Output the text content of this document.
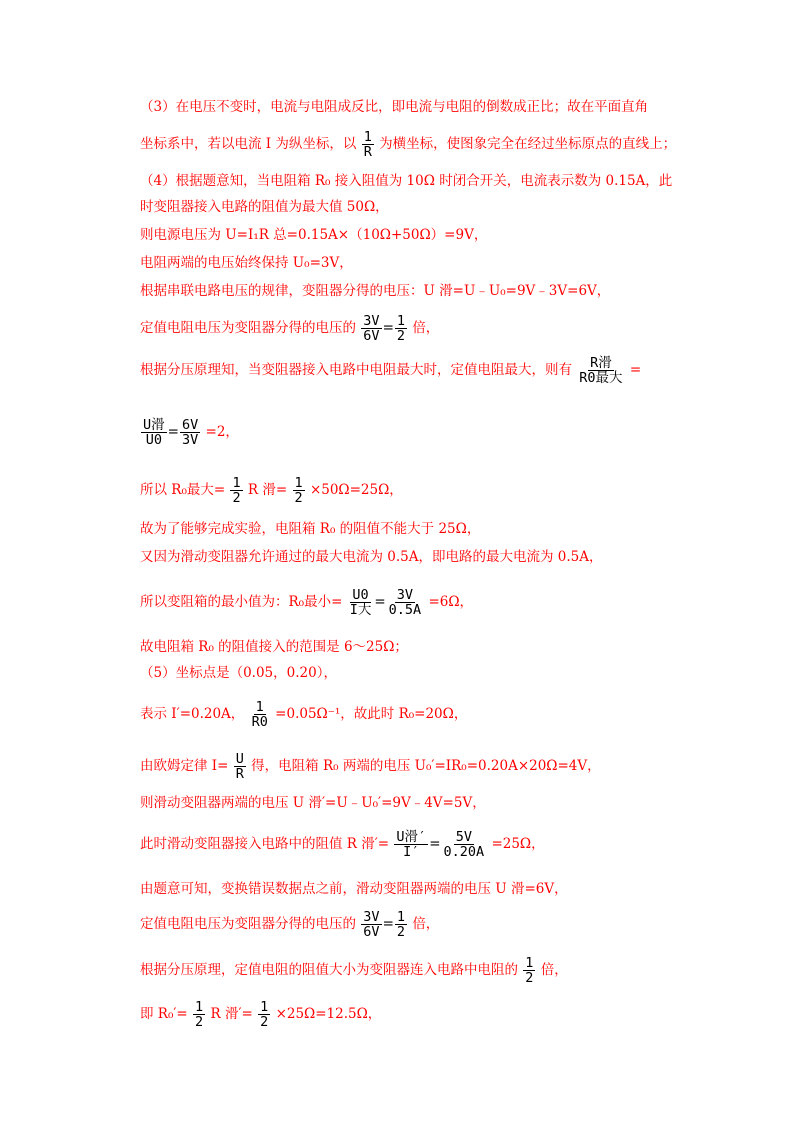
（3）在电压不变时，电流与电阻成反比，即电流与电阻的倒数成正比；故在平面直角
坐标系中，若以电流 I 为纵坐标，以 $\frac{1}{R}$ 为横坐标，使图象完全在经过坐标原点的直线上；
（4）根据题意知，当电阻箱 R₀ 接入阻值为 10Ω 时闭合开关，电流表示数为 0.15A，此
时变阻器接入电路的阻值为最大值 50Ω，
则电源电压为 U=I₁R 总=0.15A×（10Ω+50Ω）=9V，
电阻两端的电压始终保持 U₀=3V，
根据串联电路电压的规律，变阻器分得的电压：U 滑=U﹣U₀=9V﹣3V=6V，
定值电阻电压为变阻器分得的电压的 $\frac{3V}{6V} = \frac{1}{2}$ 倍，
根据分压原理知，当变阻器接入电路中电阻最大时，定值电阻最大，则有 $\frac{\text{R滑}}{\text{R0最大}}$ =
$\frac{\text{U滑}}{U0} = \frac{6V}{3V} =2$，
所以 R₀最大= $\frac{1}{2}$ R 滑= $\frac{1}{2} \times 50\Omega=25\Omega$，
故为了能够完成实验，电阻箱 R₀ 的阻值不能大于 25Ω，
又因为滑动变阻器允许通过的最大电流为 0.5A，即电路的最大电流为 0.5A，
所以变阻箱的最小值为：R₀最小= $\frac{U0}{\text{I大}} = \frac{3V}{0.5A} =6\Omega$，
故电阻箱 R₀ 的阻值接入的范围是 6～25Ω；
（5）坐标点是（0.05，0.20），
表示 I′=0.20A， $\frac{1}{R0} =0.05\Omega^{-1}$，故此时 R₀=20Ω，
由欧姆定律 $I= \frac{U}{R}$ 得，电阻箱 R₀ 两端的电压 U₀′=IR₀=0.20A×20Ω=4V，
则滑动变阻器两端的电压 U 滑′=U﹣U₀′=9V﹣4V=5V，
此时滑动变阻器接入电路中的阻值 R 滑′= $\frac{\text{U滑′}}{I'} = \frac{5V}{0.20A} =25\Omega$，
由题意可知，变换错误数据点之前，滑动变阻器两端的电压 U 滑=6V，
定值电阻电压为变阻器分得的电压的 $\frac{3V}{6V} = \frac{1}{2}$ 倍，
根据分压原理，定值电阻的阻值大小为变阻器连入电路中电阻的 $\frac{1}{2}$ 倍，
即 $R_0'= \frac{1}{2}$ R 滑′= $\frac{1}{2} \times 25\Omega=12.5\Omega$，
